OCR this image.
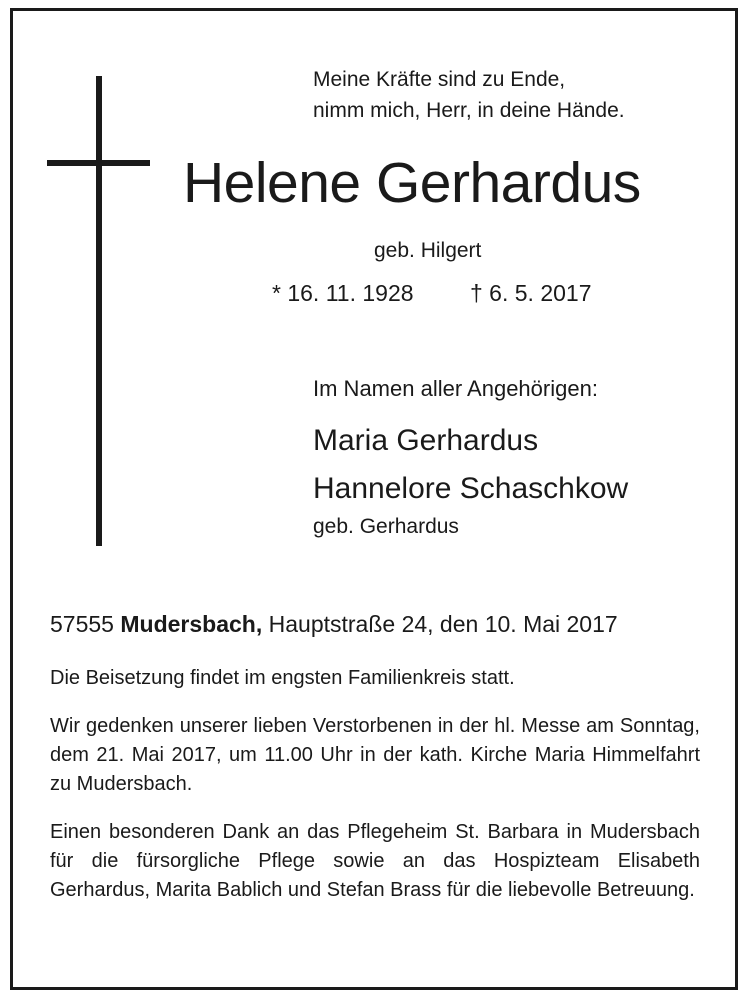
Meine Kräfte sind zu Ende,
nimm mich, Herr, in deine Hände.
Helene Gerhardus
geb. Hilgert
* 16. 11. 1928 † 6. 5. 2017
Im Namen aller Angehörigen:
Maria Gerhardus
Hannelore Schaschkow
geb. Gerhardus
57555 Mudersbach, Hauptstraße 24, den 10. Mai 2017
Die Beisetzung findet im engsten Familienkreis statt.
Wir gedenken unserer lieben Verstorbenen in der hl. Messe am Sonntag, dem 21. Mai 2017, um 11.00 Uhr in der kath. Kirche Maria Himmelfahrt zu Mudersbach.
Einen besonderen Dank an das Pflegeheim St. Barbara in Mudersbach für die fürsorgliche Pflege sowie an das Hospizteam Elisabeth Gerhardus, Marita Bablich und Stefan Brass für die liebevolle Betreuung.
